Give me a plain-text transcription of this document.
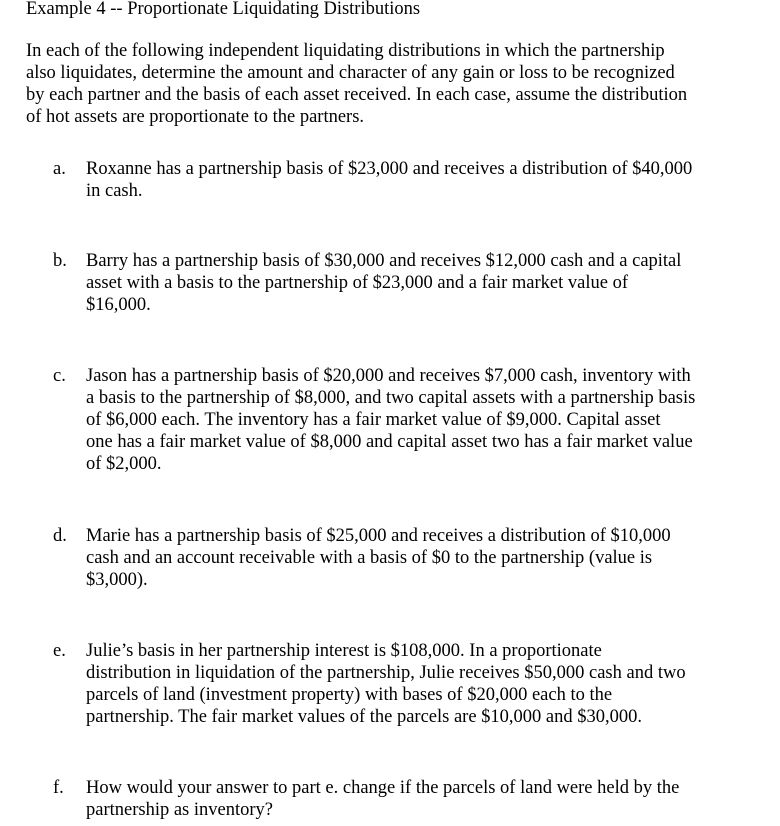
Example 4 -- Proportionate Liquidating Distributions
In each of the following independent liquidating distributions in which the partnership
also liquidates, determine the amount and character of any gain or loss to be recognized
by each partner and the basis of each asset received. In each case, assume the distribution
of hot assets are proportionate to the partners.
a. Roxanne has a partnership basis of $23,000 and receives a distribution of $40,000
in cash.
b. Barry has a partnership basis of $30,000 and receives $12,000 cash and a capital
asset with a basis to the partnership of $23,000 and a fair market value of
$16,000.
c. Jason has a partnership basis of $20,000 and receives $7,000 cash, inventory with
a basis to the partnership of $8,000, and two capital assets with a partnership basis
of $6,000 each. The inventory has a fair market value of $9,000. Capital asset
one has a fair market value of $8,000 and capital asset two has a fair market value
of $2,000.
d. Marie has a partnership basis of $25,000 and receives a distribution of $10,000
cash and an account receivable with a basis of $0 to the partnership (value is
$3,000).
e. Julie’s basis in her partnership interest is $108,000. In a proportionate
distribution in liquidation of the partnership, Julie receives $50,000 cash and two
parcels of land (investment property) with bases of $20,000 each to the
partnership. The fair market values of the parcels are $10,000 and $30,000.
f. How would your answer to part e. change if the parcels of land were held by the
partnership as inventory?
